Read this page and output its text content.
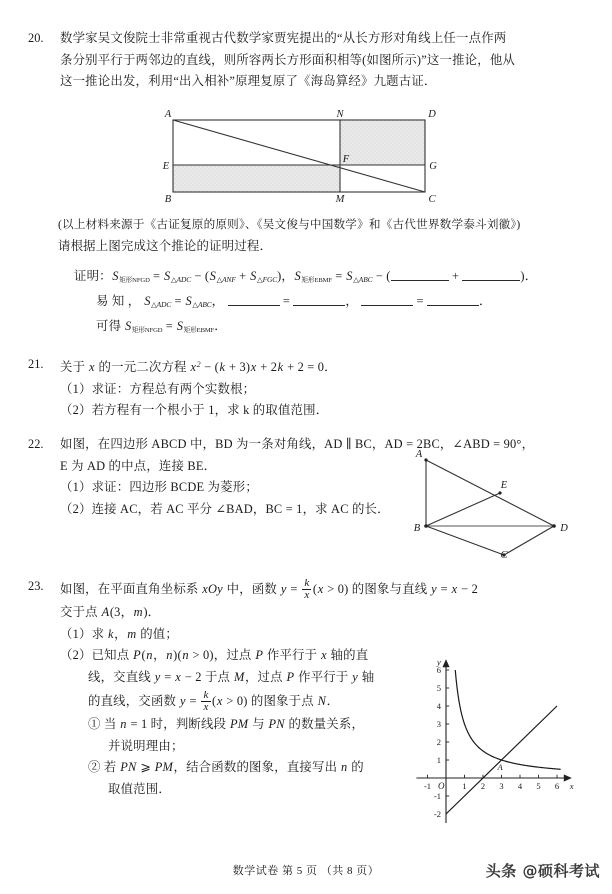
20. 数学家吴文俊院士非常重视古代数学家贾宪提出的“从长方形对角线上任一点作两
条分别平行于两邻边的直线，则所容两长方形面积相等(如图所示)”这一推论，他从
这一推论出发，利用“出入相补”原理复原了《海岛算经》九题古证．
A	N	D
E
F
G
B	M	C
(以上材料来源于《古证复原的原则》、《吴文俊与中国数学》和《古代世界数学泰斗刘徽》)
请根据上图完成这个推论的证明过程．
证明：$S_{矩形NFGD} = S_{\triangle ADC} - (S_{\triangle ANF} + S_{\triangle FGC})$，$S_{矩形EBMF} = S_{\triangle ABC}$ − (	+	)．
易 知 ， $S_{\triangle ADC} = S_{\triangle ABC}$，	=	，	=	．
可得 $S_{矩形NFGD} = S_{矩形EBMF}$．
21. 关于 x 的一元二次方程 $x^2 - (k + 3)x + 2k + 2 = 0$．
（1）求证：方程总有两个实数根；
（2）若方程有一个根小于 1，求 k 的取值范围．
22. 如图，在四边形 ABCD 中，BD 为一条对角线，AD ∥ BC，AD = 2BC，∠ABD = 90°，
E 为 AD 的中点，连接 BE．
（1）求证：四边形 BCDE 为菱形；
（2）连接 AC，若 AC 平分 ∠BAD，BC = 1，求 AC 的长．
A
E
B	D
C
23. 如图，在平面直角坐标系 xOy 中，函数 $y = \frac{k}{x} (x > 0)$ 的图象与直线 y = x − 2
交于点 A(3，m)．
（1）求 k，m 的值；
（2）已知点 P(n，n)(n > 0)，过点 P 作平行于 x 轴的直
线，交直线 y = x − 2 于点 M，过点 P 作平行于 y 轴
的直线，交函数 $y = \frac{k}{x} (x > 0)$ 的图象于点 N．
① 当 n = 1 时，判断线段 PM 与 PN 的数量关系，
并说明理由；
② 若 PN ⩾ PM，结合函数的图象，直接写出 n 的
取值范围．	x
y
O
-1	1 2 3 4 5 6
-1
1
2
3
4
5
6
-2
A
数学试卷 第 5 页 （共 8 页）	头条 @硕科考试
